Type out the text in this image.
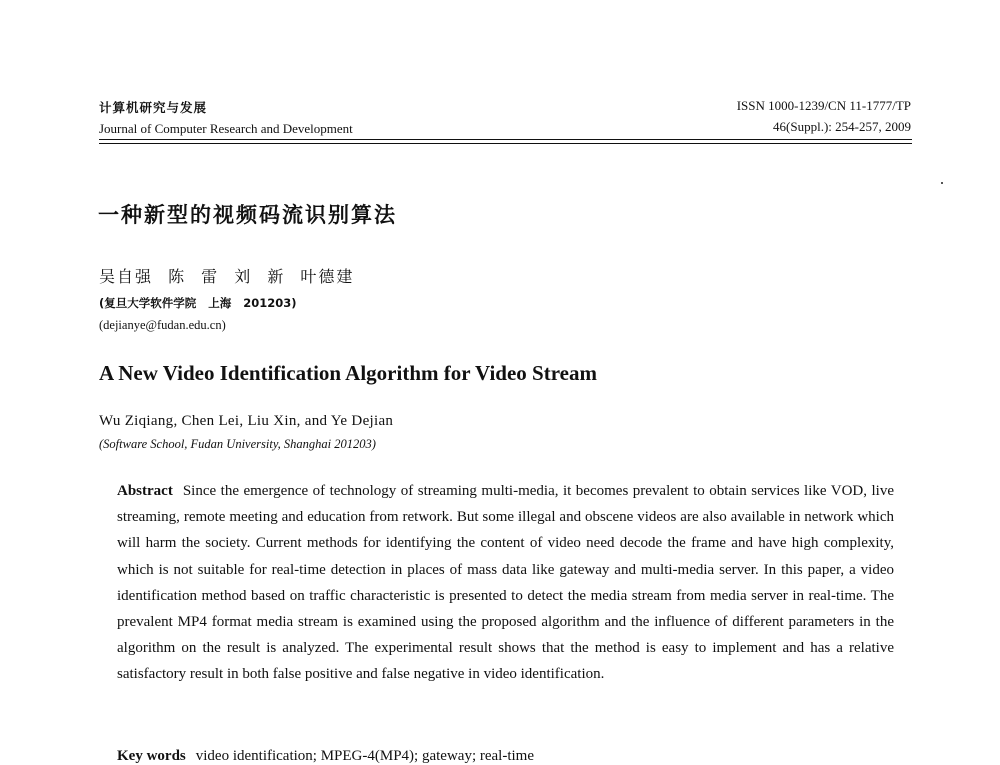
计算机研究与发展
Journal of Computer Research and Development
ISSN 1000-1239/CN 11-1777/TP
46(Suppl.): 254-257, 2009
一种新型的视频码流识别算法
吴自强 陈 雷 刘 新 叶德建
(复旦大学软件学院 上海 201203)
(dejianye@fudan.edu.cn)
A New Video Identification Algorithm for Video Stream
Wu Ziqiang, Chen Lei, Liu Xin, and Ye Dejian
(Software School, Fudan University, Shanghai 201203)
Abstract Since the emergence of technology of streaming multi-media, it becomes prevalent to obtain services like VOD, live streaming, remote meeting and education from retwork. But some illegal and obscene videos are also available in network which will harm the society. Current methods for identifying the content of video need decode the frame and have high complexity, which is not suitable for real-time detection in places of mass data like gateway and multi-media server. In this paper, a video identification method based on traffic characteristic is presented to detect the media stream from media server in real-time. The prevalent MP4 format media stream is examined using the proposed algorithm and the influence of different parameters in the algorithm on the result is analyzed. The experimental result shows that the method is easy to implement and has a relative satisfactory result in both false positive and false negative in video identification.
Key words video identification; MPEG-4(MP4); gateway; real-time
